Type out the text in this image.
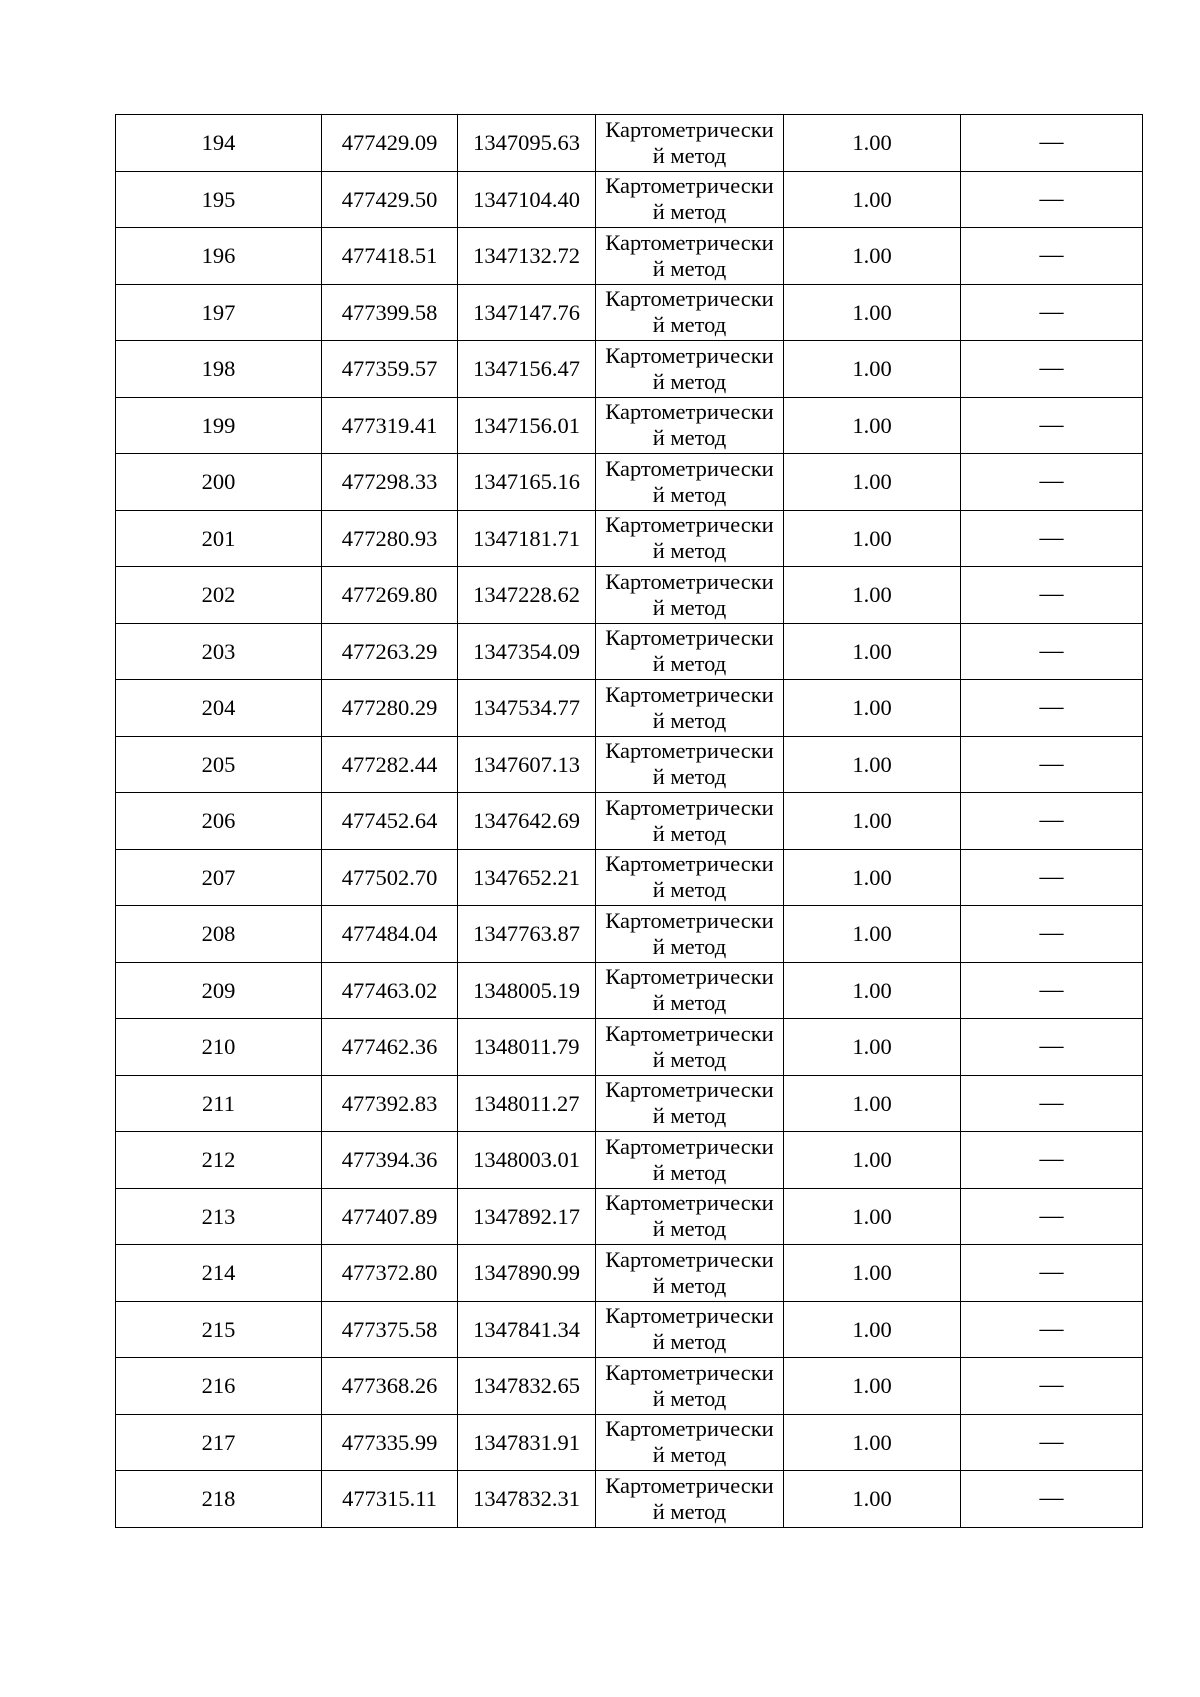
194	477429.09	1347095.63	Картометрически й метод	1.00	—
195	477429.50	1347104.40	Картометрически й метод	1.00	—
196	477418.51	1347132.72	Картометрически й метод	1.00	—
197	477399.58	1347147.76	Картометрически й метод	1.00	—
198	477359.57	1347156.47	Картометрически й метод	1.00	—
199	477319.41	1347156.01	Картометрически й метод	1.00	—
200	477298.33	1347165.16	Картометрически й метод	1.00	—
201	477280.93	1347181.71	Картометрически й метод	1.00	—
202	477269.80	1347228.62	Картометрически й метод	1.00	—
203	477263.29	1347354.09	Картометрически й метод	1.00	—
204	477280.29	1347534.77	Картометрически й метод	1.00	—
205	477282.44	1347607.13	Картометрически й метод	1.00	—
206	477452.64	1347642.69	Картометрически й метод	1.00	—
207	477502.70	1347652.21	Картометрически й метод	1.00	—
208	477484.04	1347763.87	Картометрически й метод	1.00	—
209	477463.02	1348005.19	Картометрически й метод	1.00	—
210	477462.36	1348011.79	Картометрически й метод	1.00	—
211	477392.83	1348011.27	Картометрически й метод	1.00	—
212	477394.36	1348003.01	Картометрически й метод	1.00	—
213	477407.89	1347892.17	Картометрически й метод	1.00	—
214	477372.80	1347890.99	Картометрически й метод	1.00	—
215	477375.58	1347841.34	Картометрически й метод	1.00	—
216	477368.26	1347832.65	Картометрически й метод	1.00	—
217	477335.99	1347831.91	Картометрически й метод	1.00	—
218	477315.11	1347832.31	Картометрически й метод	1.00	—
